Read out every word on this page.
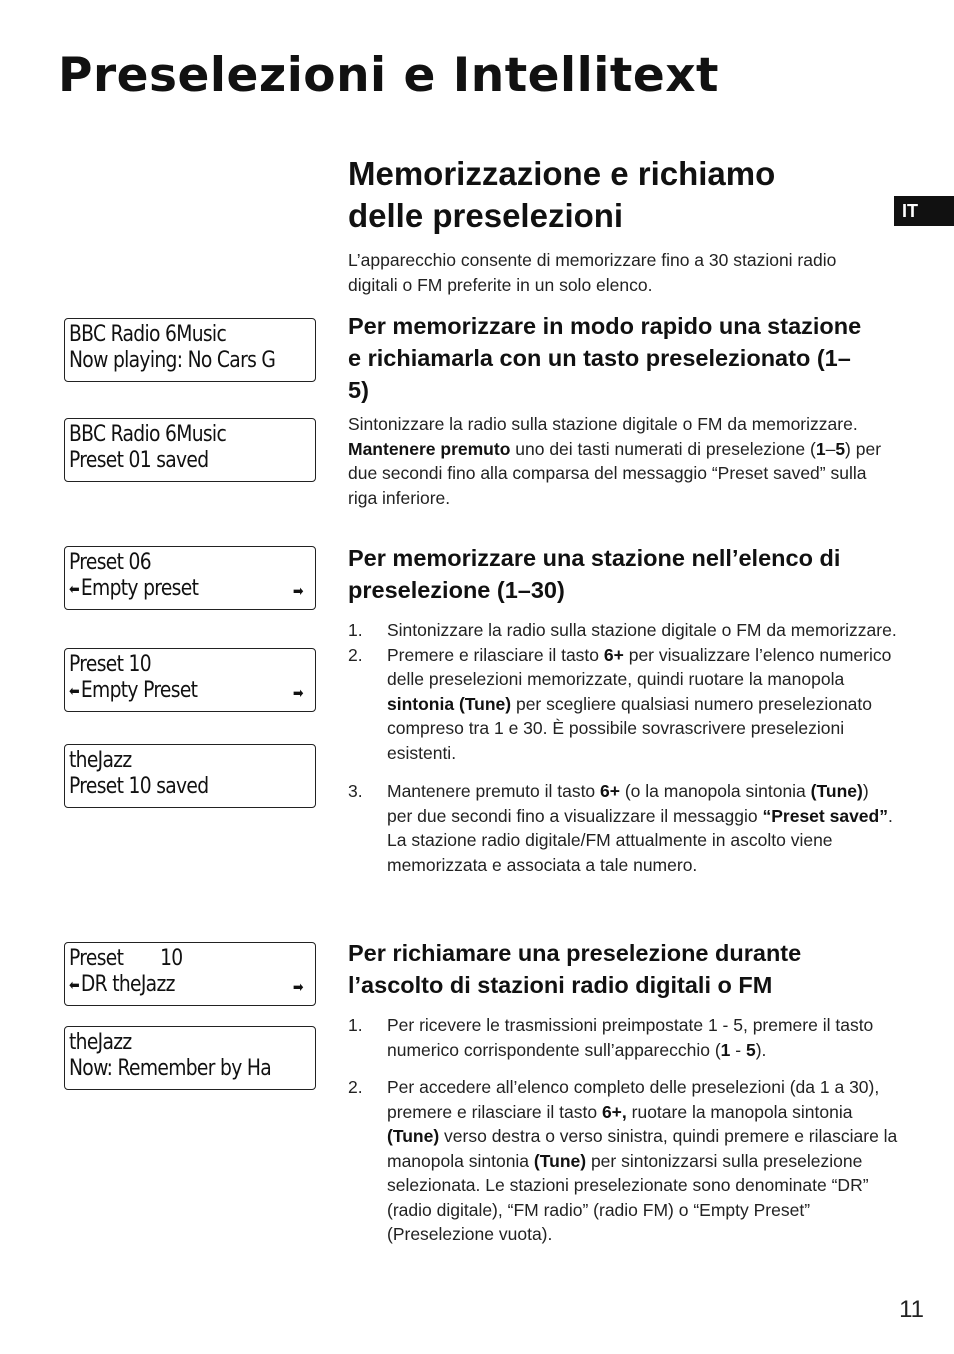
Preselezioni e Intellitext
IT
BBC Radio 6Music
Now playing: No Cars G
BBC Radio 6Music
Preset 01 saved
Preset 06
⬅Empty preset	➡
Preset 10
⬅Empty Preset	➡
theJazz
Preset 10 saved
Preset       10
⬅DR theJazz	➡
theJazz
Now: Remember by Ha
Memorizzazione e richiamo delle preselezioni

L’apparecchio consente di memorizzare fino a 30 stazioni radio digitali o FM preferite in un solo elenco.

Per memorizzare in modo rapido una stazione e richiamarla con un tasto preselezionato (1–5)

Sintonizzare la radio sulla stazione digitale o FM da memorizzare. Mantenere premuto uno dei tasti numerati di preselezione (1–5) per due secondi fino alla comparsa del messaggio “Preset saved” sulla riga inferiore.

Per memorizzare una stazione nell’elenco di preselezione (1–30)
1. Sintonizzare la radio sulla stazione digitale o FM da memorizzare.
2. Premere e rilasciare il tasto 6+ per visualizzare l’elenco numerico delle preselezioni memorizzate, quindi ruotare la manopola sintonia (Tune) per scegliere qualsiasi numero preselezionato compreso tra 1 e 30. È possibile sovrascrivere preselezioni esistenti.
3. Mantenere premuto il tasto 6+ (o la manopola sintonia (Tune)) per due secondi fino a visualizzare il messaggio “Preset saved”. La stazione radio digitale/FM attualmente in ascolto viene memorizzata e associata a tale numero.
Per richiamare una preselezione durante l’ascolto di stazioni radio digitali o FM
1. Per ricevere le trasmissioni preimpostate 1 - 5, premere il tasto numerico corrispondente sull’apparecchio (1 - 5).
2. Per accedere all’elenco completo delle preselezioni (da 1 a 30), premere e rilasciare il tasto 6+, ruotare la manopola sintonia (Tune) verso destra o verso sinistra, quindi premere e rilasciare la manopola sintonia (Tune) per sintonizzarsi sulla preselezione selezionata. Le stazioni preselezionate sono denominate “DR” (radio digitale), “FM radio” (radio FM) o “Empty Preset” (Preselezione vuota).
11
